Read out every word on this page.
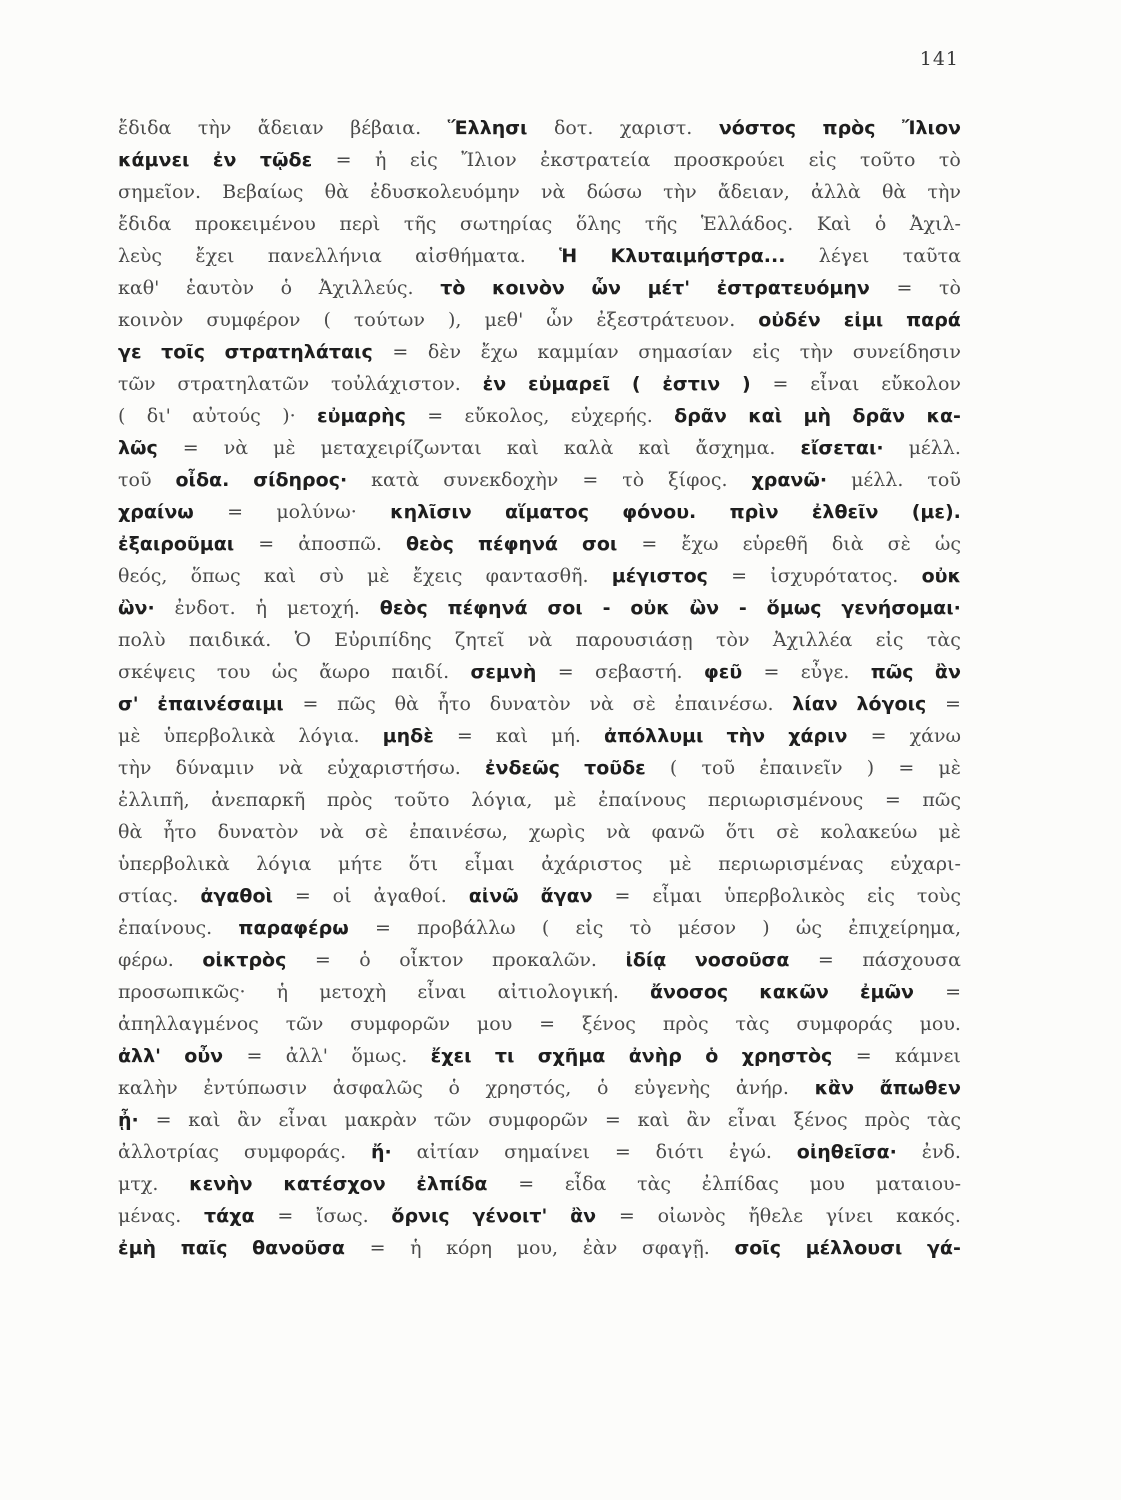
141
ἔδιδα τὴν ἄδειαν βέβαια. Ἕλλησι δοτ. χαριστ. νόστος πρὸς Ἴλιον
κάμνει ἐν τῷδε = ἡ εἰς Ἴλιον ἐκστρατεία προσκρούει εἰς τοῦτο τὸ
σημεῖον. Βεβαίως θὰ ἐδυσκολευόμην νὰ δώσω τὴν ἄδειαν, ἀλλὰ θὰ τὴν
ἔδιδα προκειμένου περὶ τῆς σωτηρίας ὅλης τῆς Ἑλλάδος. Καὶ ὁ Ἀχιλ-
λεὺς ἔχει πανελλήνια αἰσθήματα. Ἡ Κλυταιμήστρα... λέγει ταῦτα
καθ' ἑαυτὸν ὁ Ἀχιλλεύς. τὸ κοινὸν ὧν μέτ' ἐστρατευόμην = τὸ
κοινὸν συμφέρον ( τούτων ), μεθ' ὧν ἐξεστράτευον. οὐδέν εἰμι παρά
γε τοῖς στρατηλάταις = δὲν ἔχω καμμίαν σημασίαν εἰς τὴν συνείδησιν
τῶν στρατηλατῶν τοὐλάχιστον. ἐν εὐμαρεῖ ( ἐστιν ) = εἶναι εὔκολον
( δι' αὐτούς )· εὐμαρὴς = εὔκολος, εὐχερής. δρᾶν καὶ μὴ δρᾶν κα-
λῶς = νὰ μὲ μεταχειρίζωνται καὶ καλὰ καὶ ἄσχημα. εἴσεται· μέλλ.
τοῦ οἶδα. σίδηρος· κατὰ συνεκδοχὴν = τὸ ξίφος. χρανῶ· μέλλ. τοῦ
χραίνω = μολύνω· κηλῖσιν αἵματος φόνου. πρὶν ἐλθεῖν (με).
ἐξαιροῦμαι = ἀποσπῶ. θεὸς πέφηνά σοι = ἔχω εὑρεθῆ διὰ σὲ ὡς
θεός, ὅπως καὶ σὺ μὲ ἔχεις φαντασθῆ. μέγιστος = ἰσχυρότατος. οὐκ
ὢν· ἐνδοτ. ἡ μετοχή. θεὸς πέφηνά σοι - οὐκ ὢν - ὅμως γενήσομαι·
πολὺ παιδικά. Ὁ Εὐριπίδης ζητεῖ νὰ παρουσιάσῃ τὸν Ἀχιλλέα εἰς τὰς
σκέψεις του ὡς ἄωρο παιδί. σεμνὴ = σεβαστή. φεῦ = εὖγε. πῶς ἂν
σ' ἐπαινέσαιμι = πῶς θὰ ἦτο δυνατὸν νὰ σὲ ἐπαινέσω. λίαν λόγοις =
μὲ ὑπερβολικὰ λόγια. μηδὲ = καὶ μή. ἀπόλλυμι τὴν χάριν = χάνω
τὴν δύναμιν νὰ εὐχαριστήσω. ἐνδεῶς τοῦδε ( τοῦ ἐπαινεῖν ) = μὲ
ἐλλιπῆ, ἀνεπαρκῆ πρὸς τοῦτο λόγια, μὲ ἐπαίνους περιωρισμένους = πῶς
θὰ ἦτο δυνατὸν νὰ σὲ ἐπαινέσω, χωρὶς νὰ φανῶ ὅτι σὲ κολακεύω μὲ
ὑπερβολικὰ λόγια μήτε ὅτι εἶμαι ἀχάριστος μὲ περιωρισμένας εὐχαρι-
στίας. ἀγαθοὶ = οἱ ἀγαθοί. αἰνῶ ἄγαν = εἶμαι ὑπερβολικὸς εἰς τοὺς
ἐπαίνους. παραφέρω = προβάλλω ( εἰς τὸ μέσον ) ὡς ἐπιχείρημα,
φέρω. οἰκτρὸς = ὁ οἶκτον προκαλῶν. ἰδίᾳ νοσοῦσα = πάσχουσα
προσωπικῶς· ἡ μετοχὴ εἶναι αἰτιολογική. ἄνοσος κακῶν ἐμῶν =
ἀπηλλαγμένος τῶν συμφορῶν μου = ξένος πρὸς τὰς συμφοράς μου.
ἀλλ' οὖν = ἀλλ' ὅμως. ἔχει τι σχῆμα ἀνὴρ ὁ χρηστὸς = κάμνει
καλὴν ἐντύπωσιν ἀσφαλῶς ὁ χρηστός, ὁ εὐγενὴς ἀνήρ. κἂν ἄπωθεν
ᾖ· = καὶ ἂν εἶναι μακρὰν τῶν συμφορῶν = καὶ ἂν εἶναι ξένος πρὸς τὰς
ἀλλοτρίας συμφοράς. ἤ· αἰτίαν σημαίνει = διότι ἐγώ. οἰηθεῖσα· ἐνδ.
μτχ. κενὴν κατέσχον ἐλπίδα = εἶδα τὰς ἐλπίδας μου ματαιου-
μένας. τάχα = ἴσως. ὄρνις γένοιτ' ἂν = οἰωνὸς ἤθελε γίνει κακός.
ἐμὴ παῖς θανοῦσα = ἡ κόρη μου, ἐὰν σφαγῇ. σοῖς μέλλουσι γά-
